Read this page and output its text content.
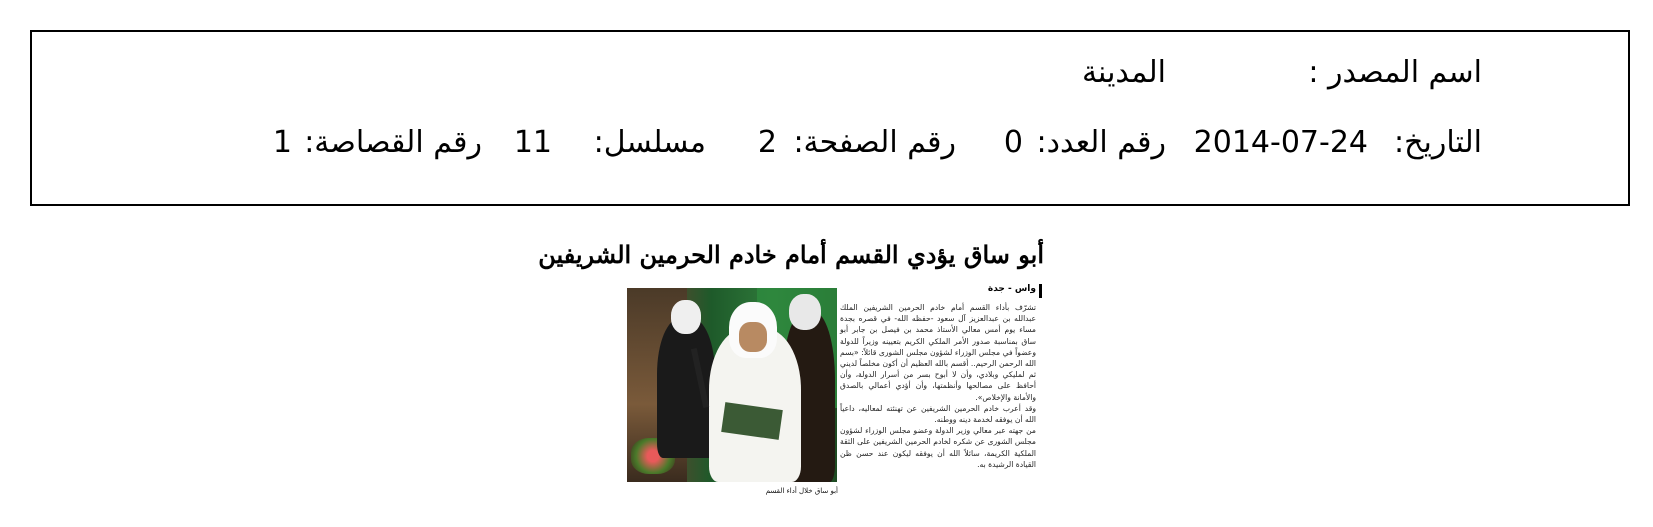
اسم المصدر :
المدينة
التاريخ:
2014-07-24
رقم العدد:
0
رقم الصفحة:
2
مسلسل:
11
رقم القصاصة:
1
أبو ساق يؤدي القسم أمام خادم الحرمين الشريفين
أبو ساق خلال أداء القسم
واس - جدة

تشرّف بأداء القسم أمام خادم الحرمين الشريفين الملك عبدالله بن عبدالعزيز آل سعود -حفظه الله- في قصره بجدة مساء يوم أمس معالي الأستاذ محمد بن فيصل بن جابر أبو ساق بمناسبة صدور الأمر الملكي الكريم بتعيينه وزيراً للدولة وعضواً في مجلس الوزراء لشؤون مجلس الشورى قائلاً: «بسم الله الرحمن الرحيم.. أقسم بالله العظيم أن أكون مخلصاً لديني ثم لمليكي وبلادي، وأن لا أبوح بسر من أسرار الدولة، وأن أحافظ على مصالحها وأنظمتها، وأن أؤدي أعمالي بالصدق والأمانة والإخلاص».

وقد أعرب خادم الحرمين الشريفين عن تهنئته لمعاليه، داعياً الله أن يوفقه لخدمة دينه ووطنه.

من جهته عبر معالي وزير الدولة وعضو مجلس الوزراء لشؤون مجلس الشورى عن شكره لخادم الحرمين الشريفين على الثقة الملكية الكريمة، سائلاً الله أن يوفقه ليكون عند حسن ظن القيادة الرشيدة به.
